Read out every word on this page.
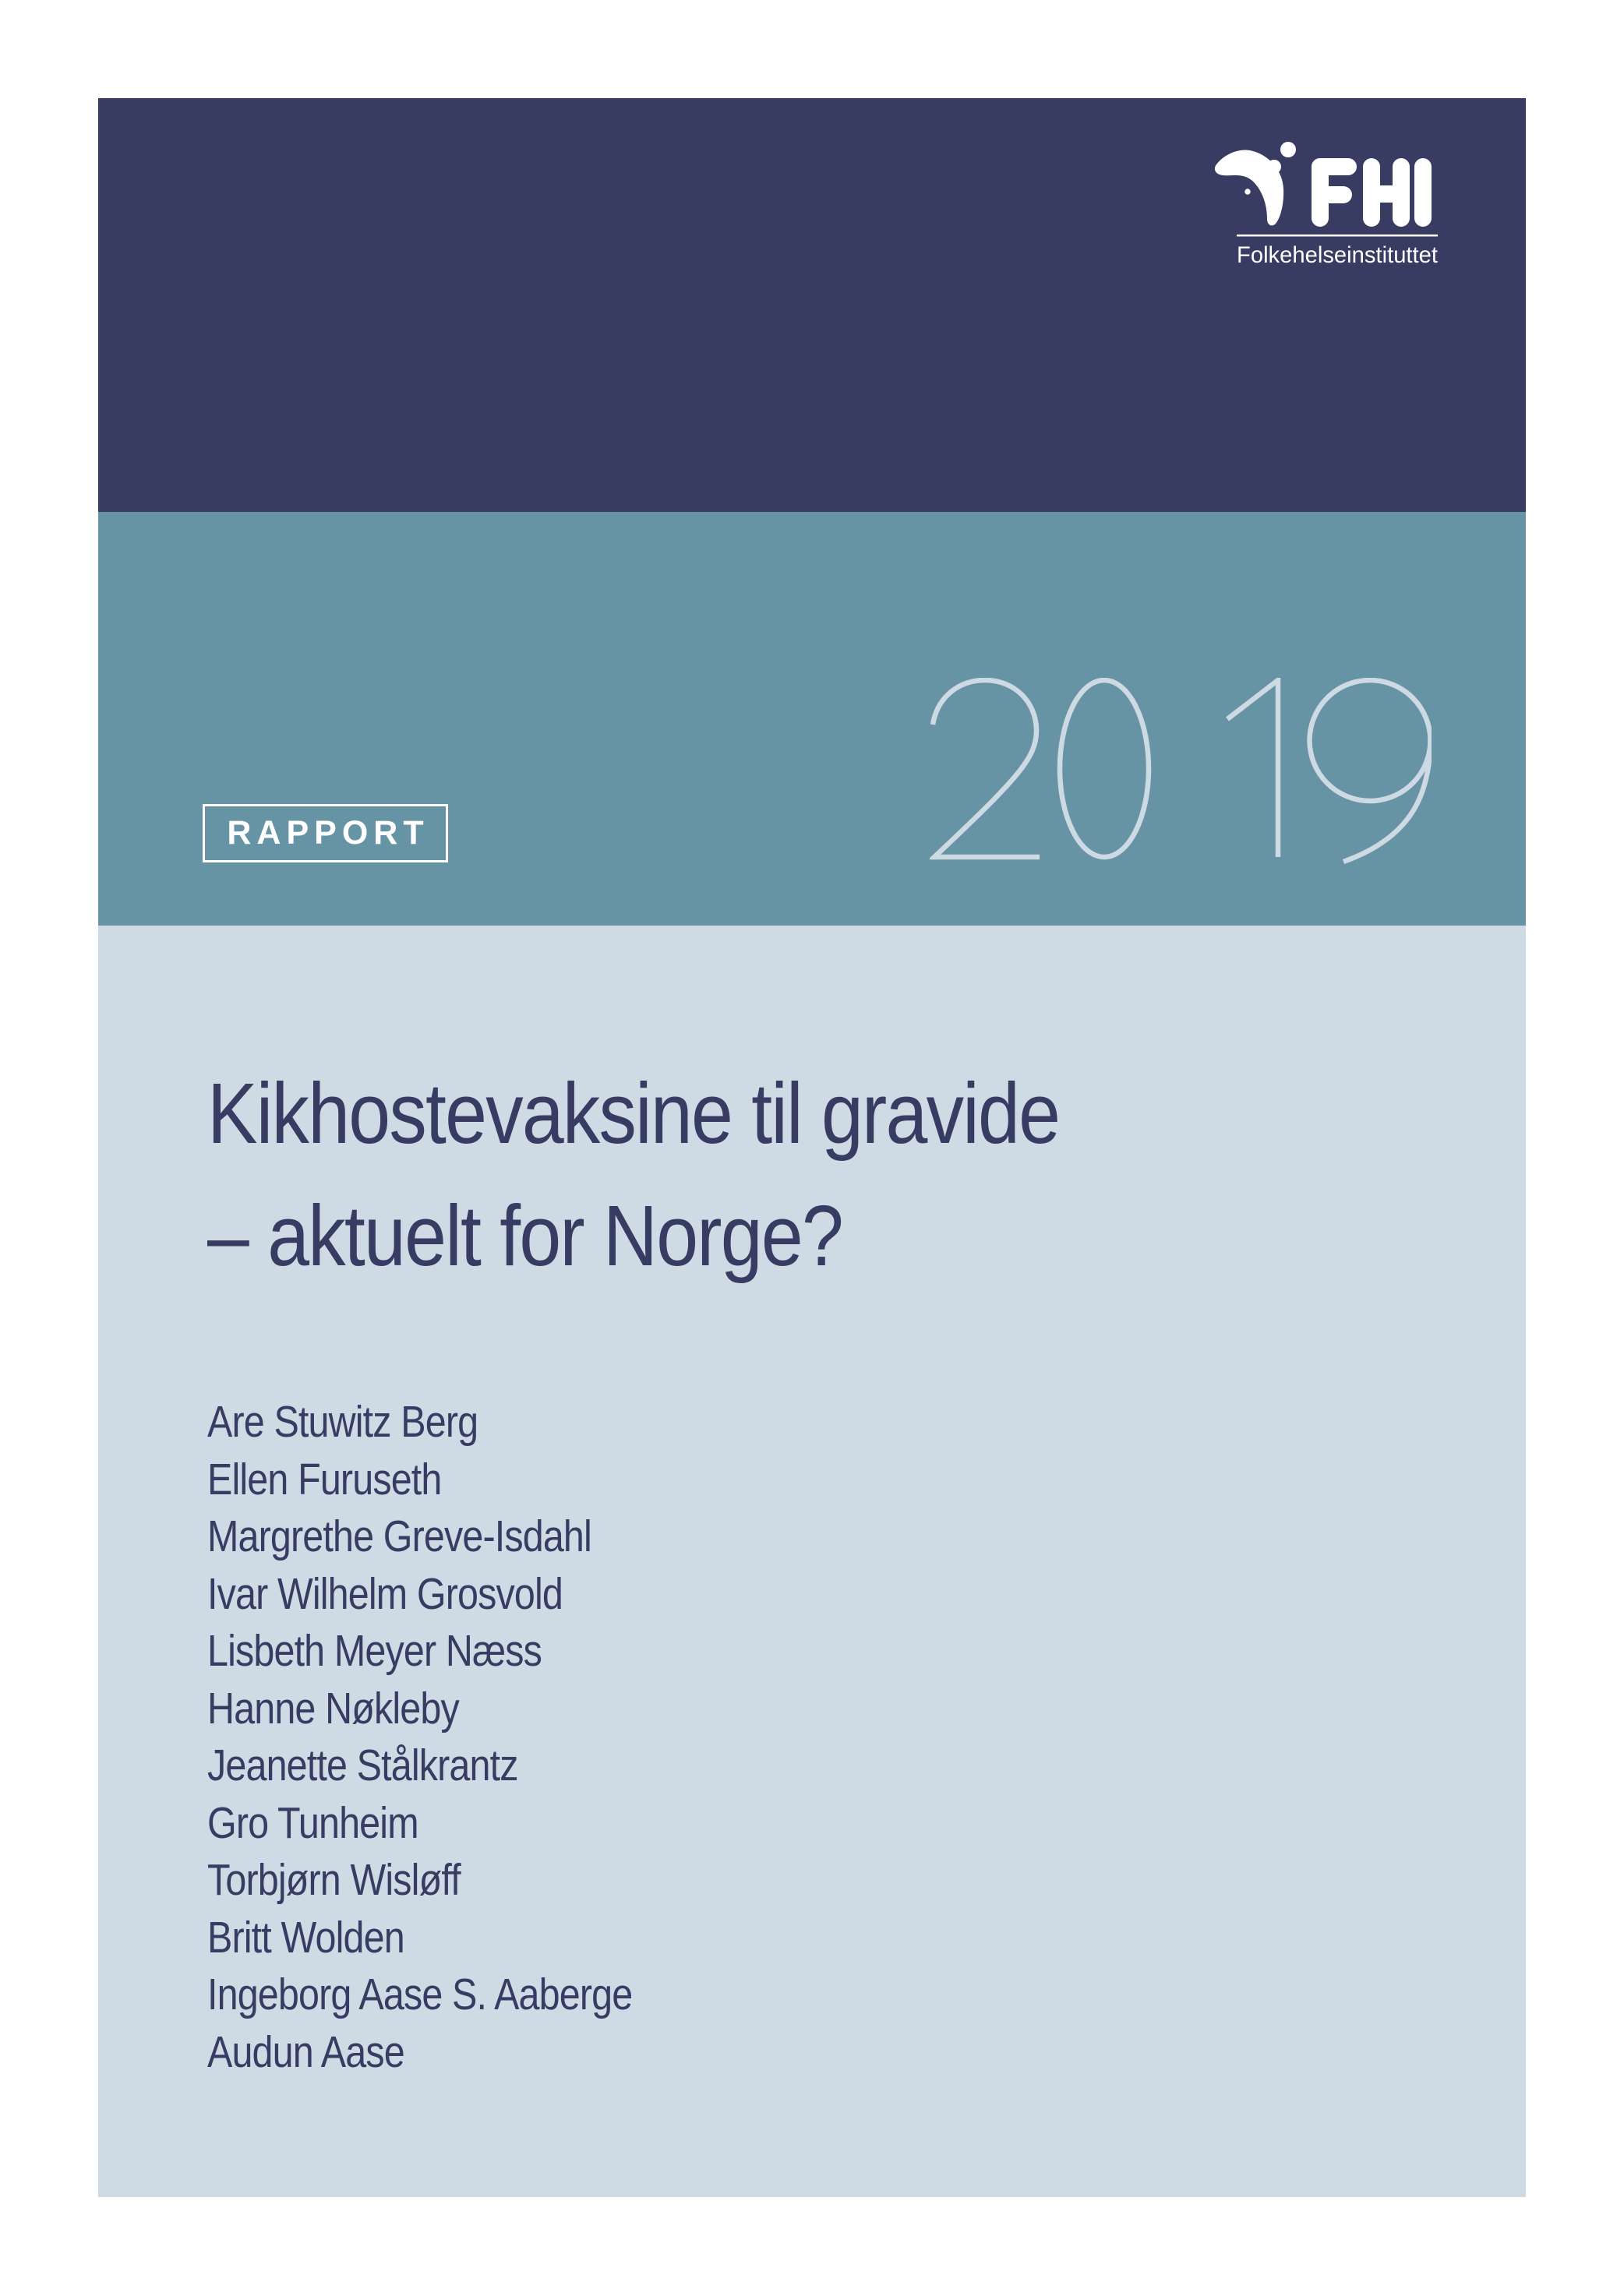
Folkehelseinstituttet
RAPPORT
Kikhostevaksine til gravide
– aktuelt for Norge?
Are Stuwitz Berg
Ellen Furuseth
Margrethe Greve-Isdahl
Ivar Wilhelm Grosvold
Lisbeth Meyer Næss
Hanne Nøkleby
Jeanette Stålkrantz
Gro Tunheim
Torbjørn Wisløff
Britt Wolden
Ingeborg Aase S. Aaberge
Audun Aase
